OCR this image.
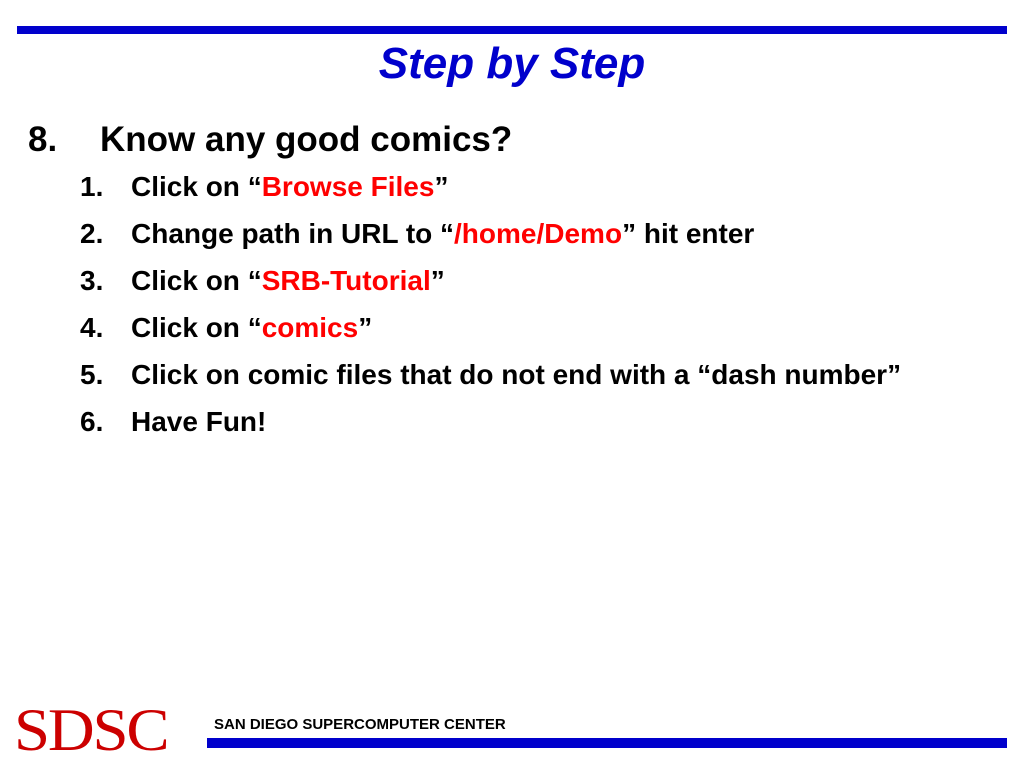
Step by Step
8. Know any good comics?
1. Click on “Browse Files”
2. Change path in URL to “/home/Demo” hit enter
3. Click on “SRB-Tutorial”
4. Click on “comics”
5. Click on comic files that do not end with a “dash number”
6. Have Fun!
SDSC	SAN DIEGO SUPERCOMPUTER CENTER
